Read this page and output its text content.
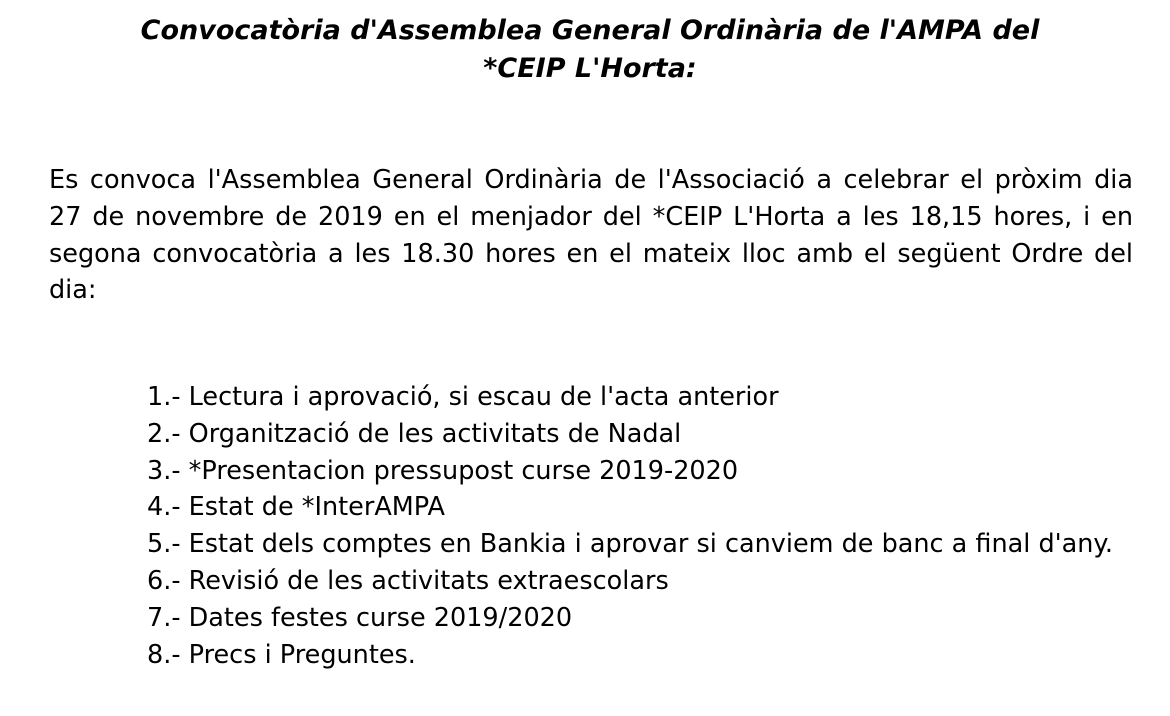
Convocatòria d'Assemblea General Ordinària de l'AMPA del
*CEIP L'Horta:
Es convoca l'Assemblea General Ordinària de l'Associació a celebrar el pròxim dia 27 de novembre de 2019 en el menjador del *CEIP L'Horta a les 18,15 hores, i en segona convocatòria a les 18.30 hores en el mateix lloc amb el següent Ordre del dia:
1.- Lectura i aprovació, si escau de l'acta anterior
2.- Organització de les activitats de Nadal
3.- *Presentacion pressupost curse 2019-2020
4.- Estat de *InterAMPA
5.- Estat dels comptes en Bankia i aprovar si canviem de banc a final d'any.
6.- Revisió de les activitats extraescolars
7.- Dates festes curse 2019/2020
8.- Precs i Preguntes.
